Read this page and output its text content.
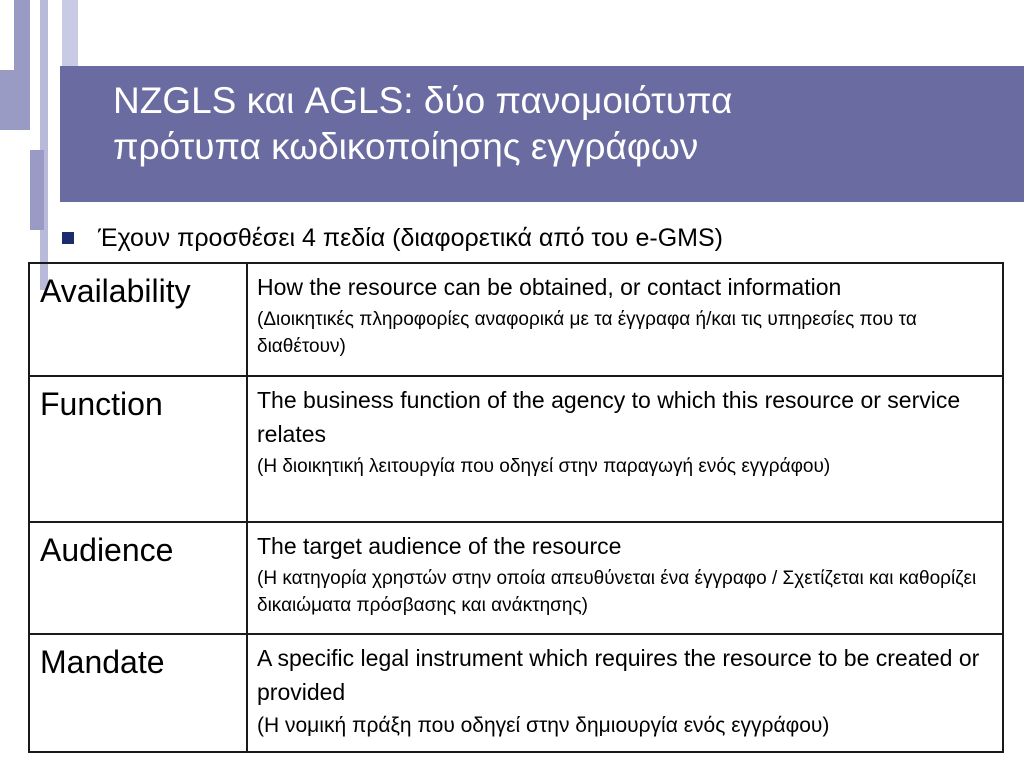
NZGLS και AGLS: δύο πανομοιότυπα
πρότυπα κωδικοποίησης εγγράφων
Έχουν προσθέσει 4 πεδία (διαφορετικά από του e-GMS)
Availability	How the resource can be obtained, or contact information
(Διοικητικές πληροφορίες αναφορικά με τα έγγραφα ή/και τις υπηρεσίες που τα διαθέτουν)

Function	The business function of the agency to which this resource or service relates
(Η διοικητική λειτουργία που οδηγεί στην παραγωγή ενός εγγράφου)

Audience	The target audience of the resource
(Η κατηγορία χρηστών στην οποία απευθύνεται ένα έγγραφο / Σχετίζεται και καθορίζει δικαιώματα πρόσβασης και ανάκτησης)

Mandate	A specific legal instrument which requires the resource to be created or provided
(Η νομική πράξη που οδηγεί στην δημιουργία ενός εγγράφου)
